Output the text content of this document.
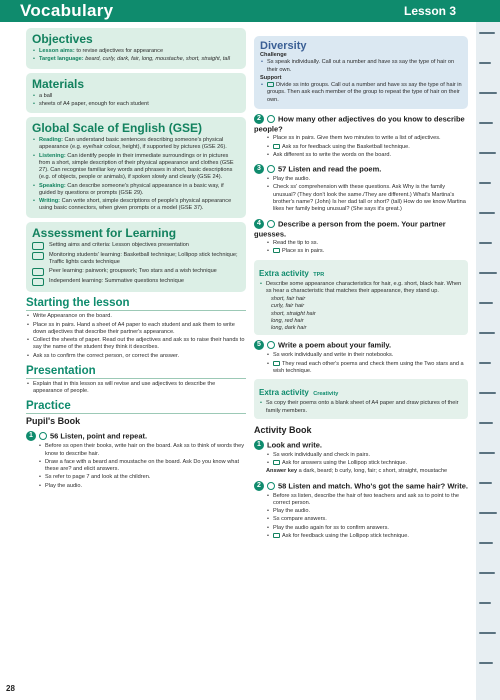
Vocabulary	Lesson 3
Objectives
• Lesson aims: to revise adjectives for appearance
• Target language: beard, curly, dark, fair, long, moustache, short, straight, tall
Materials
• a ball
• sheets of A4 paper, enough for each student
Global Scale of English (GSE)
• Reading: Can understand basic sentences describing someone's physical appearance (e.g. eye/hair colour, height), if supported by pictures (GSE 26).
• Listening: Can identify people in their immediate surroundings or in pictures from a short, simple description of their physical appearance and clothes (GSE 27). Can recognise familiar key words and phrases in short, basic descriptions (e.g. of objects, people or animals), if spoken slowly and clearly (GSE 24).
• Speaking: Can describe someone's physical appearance in a basic way, if guided by questions or prompts (GSE 29).
• Writing: Can write short, simple descriptions of people's physical appearance using basic connectors, when given prompts or a model (GSE 37).
Assessment for Learning
Setting aims and criteria: Lesson objectives presentation
Monitoring students' learning: Basketball technique; Lollipop stick technique; Traffic lights cards technique
Peer learning: pairwork; groupwork; Two stars and a wish technique
Independent learning: Summative questions technique
Starting the lesson
• Write Appearance on the board.
• Place ss in pairs. Hand a sheet of A4 paper to each student and ask them to write down adjectives that describe their partner's appearance.
• Collect the sheets of paper. Read out the adjectives and ask ss to raise their hands to say the name of the student they think it describes.
• Ask ss to confirm the correct person, or correct the answer.
Presentation
• Explain that in this lesson ss will revise and use adjectives to describe the appearance of people.
Practice
Pupil's Book
1 56 Listen, point and repeat.
• Before ss open their books, write hair on the board. Ask ss to think of words they know to describe hair.
• Draw a face with a beard and moustache on the board. Ask Do you know what these are? and elicit answers.
• Ss refer to page 7 and look at the children.
• Play the audio.
Diversity
Challenge
• Ss speak individually. Call out a number and have ss say the type of hair on their own.
Support
• Divide ss into groups. Call out a number and have ss say the type of hair in groups. Then ask each member of the group to repeat the type of hair on their own.
2 How many other adjectives do you know to describe people?
• Place ss in pairs. Give them two minutes to write a list of adjectives.
• Ask ss for feedback using the Basketball technique.
• Ask different ss to write the words on the board.
3 57 Listen and read the poem.
• Play the audio.
• Check ss' comprehension with these questions. Ask Why is the family unusual? (They don't look the same./They are different.) What's Martina's brother's name? (John) Is her dad tall or short? (tall) How do we know Martina likes her family being unusual? (She says it's great.)
4 Describe a person from the poem. Your partner guesses.
• Read the tip to ss.
• Place ss in pairs.
Extra activity TPR
• Describe some appearance characteristics for hair, e.g. short, black hair. When ss hear a characteristic that matches their appearance, they stand up.
short, fair hair
curly, fair hair
short, straight hair
long, red hair
long, dark hair
5 Write a poem about your family.
• Ss work individually and write in their notebooks.
• They read each other's poems and check them using the Two stars and a wish technique.
Extra activity Creativity
• Ss copy their poems onto a blank sheet of A4 paper and draw pictures of their family members.
Activity Book
1 Look and write.
• Ss work individually and check in pairs.
• Ask for answers using the Lollipop stick technique.
Answer key a dark, beard; b curly, long, fair; c short, straight, moustache
2 58 Listen and match. Who's got the same hair? Write.
• Before ss listen, describe the hair of two teachers and ask ss to point to the correct person.
• Play the audio.
• Ss compare answers.
• Play the audio again for ss to confirm answers.
• Ask for feedback using the Lollipop stick technique.
28
